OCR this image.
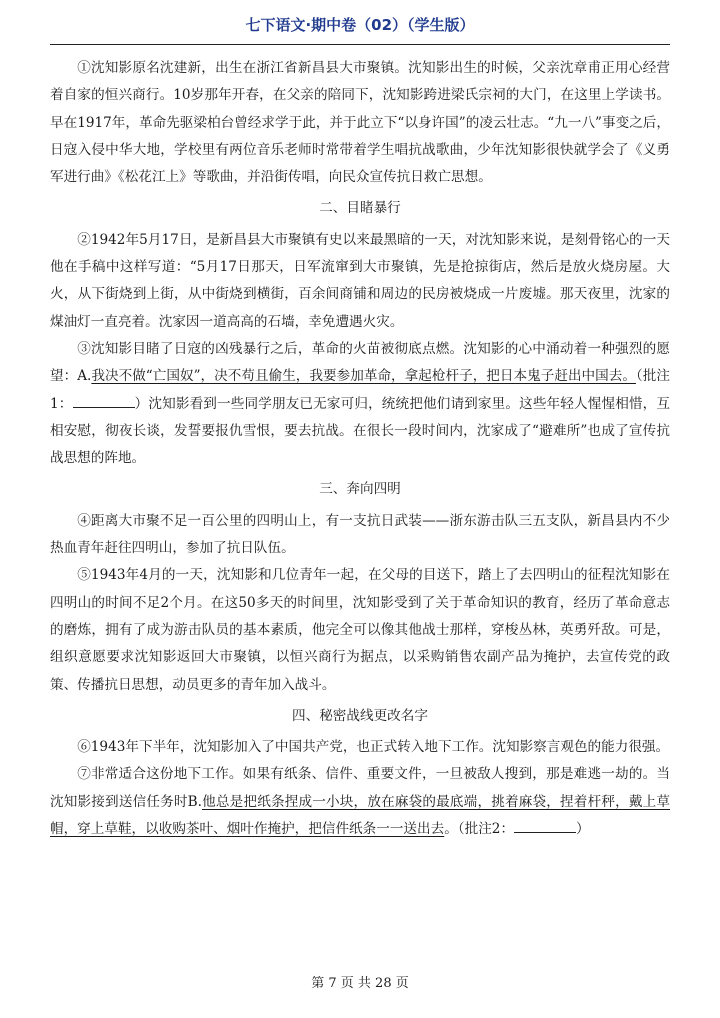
七下语文·期中卷（02）（学生版）

①沈知影原名沈建新，出生在浙江省新昌县大市聚镇。沈知影出生的时候，父亲沈章甫正用心经营着自家的恒兴商行。10岁那年开春，在父亲的陪同下，沈知影跨进梁氏宗祠的大门，在这里上学读书。早在1917年，革命先驱梁柏台曾经求学于此，并于此立下“以身许国”的凌云壮志。“九一八”事变之后，日寇入侵中华大地，学校里有两位音乐老师时常带着学生唱抗战歌曲，少年沈知影很快就学会了《义勇军进行曲》《松花江上》等歌曲，并沿街传唱，向民众宣传抗日救亡思想。

二、目睹暴行

②1942年5月17日，是新昌县大市聚镇有史以来最黑暗的一天，对沈知影来说，是刻骨铭心的一天他在手稿中这样写道：“5月17日那天，日军流窜到大市聚镇，先是抢掠街店，然后是放火烧房屋。大火，从下街烧到上街，从中街烧到横街，百余间商铺和周边的民房被烧成一片废墟。那天夜里，沈家的煤油灯一直亮着。沈家因一道高高的石墙，幸免遭遇火灾。

③沈知影目睹了日寇的凶残暴行之后，革命的火苗被彻底点燃。沈知影的心中涌动着一种强烈的愿望：A.我决不做“亡国奴”，决不苟且偷生，我要参加革命，拿起枪杆子，把日本鬼子赶出中国去。（批注1：	）沈知影看到一些同学朋友已无家可归，统统把他们请到家里。这些年轻人惺惺相惜，互相安慰，彻夜长谈，发誓要报仇雪恨，要去抗战。在很长一段时间内，沈家成了“避难所”也成了宣传抗战思想的阵地。

三、奔向四明

④距离大市聚不足一百公里的四明山上，有一支抗日武装——浙东游击队三五支队，新昌县内不少热血青年赶往四明山，参加了抗日队伍。

⑤1943年4月的一天，沈知影和几位青年一起，在父母的目送下，踏上了去四明山的征程沈知影在四明山的时间不足2个月。在这50多天的时间里，沈知影受到了关于革命知识的教育，经历了革命意志的磨炼，拥有了成为游击队员的基本素质，他完全可以像其他战士那样，穿梭丛林，英勇歼敌。可是，组织意愿要求沈知影返回大市聚镇，以恒兴商行为据点，以采购销售农副产品为掩护，去宣传党的政策、传播抗日思想，动员更多的青年加入战斗。

四、秘密战线更改名字

⑥1943年下半年，沈知影加入了中国共产党，也正式转入地下工作。沈知影察言观色的能力很强。

⑦非常适合这份地下工作。如果有纸条、信件、重要文件，一旦被敌人搜到，那是难逃一劫的。当沈知影接到送信任务时B.他总是把纸条捏成一小块，放在麻袋的最底端，挑着麻袋，捏着杆秤，戴上草帽，穿上草鞋，以收购茶叶、烟叶作掩护，把信件纸条一一送出去。（批注2：	）

第 7 页 共 28 页
